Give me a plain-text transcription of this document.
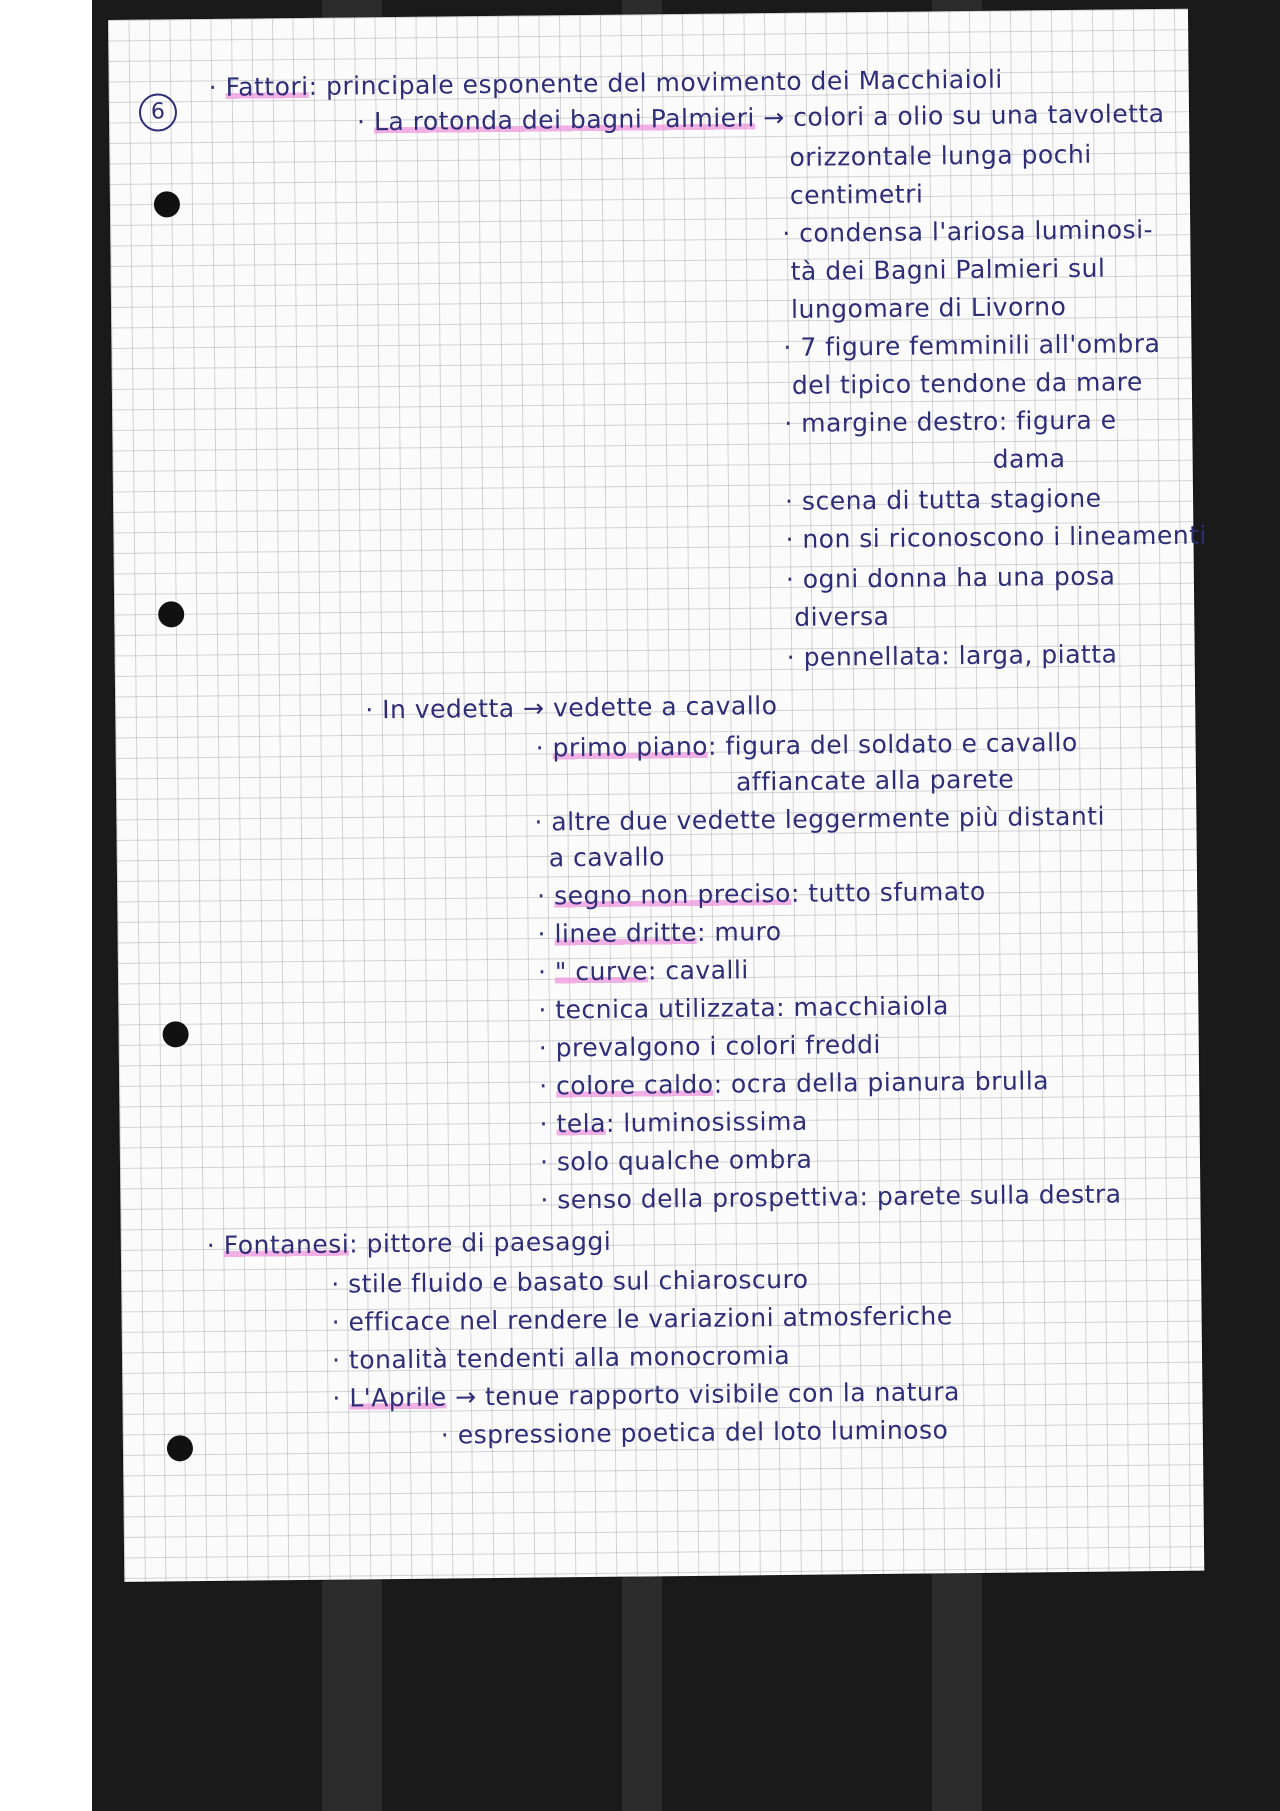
6
· Fattori: principale esponente del movimento dei Macchiaioli
· La rotonda dei bagni Palmieri → colori a olio su una tavoletta
orizzontale lunga pochi
centimetri
· condensa l'ariosa luminosi-
tà dei Bagni Palmieri sul
lungomare di Livorno
· 7 figure femminili all'ombra
del tipico tendone da mare
· margine destro: figura e
dama
· scena di tutta stagione
· non si riconoscono i lineamenti
· ogni donna ha una posa
diversa
· pennellata: larga, piatta
· In vedetta → vedette a cavallo
· primo piano: figura del soldato e cavallo
affiancate alla parete
· altre due vedette leggermente più distanti
a cavallo
· segno non preciso: tutto sfumato
· linee dritte: muro
· " curve: cavalli
· tecnica utilizzata: macchiaiola
· prevalgono i colori freddi
· colore caldo: ocra della pianura brulla
· tela: luminosissima
· solo qualche ombra
· senso della prospettiva: parete sulla destra
· Fontanesi: pittore di paesaggi
· stile fluido e basato sul chiaroscuro
· efficace nel rendere le variazioni atmosferiche
· tonalità tendenti alla monocromia
· L'Aprile → tenue rapporto visibile con la natura
· espressione poetica del loto luminoso
